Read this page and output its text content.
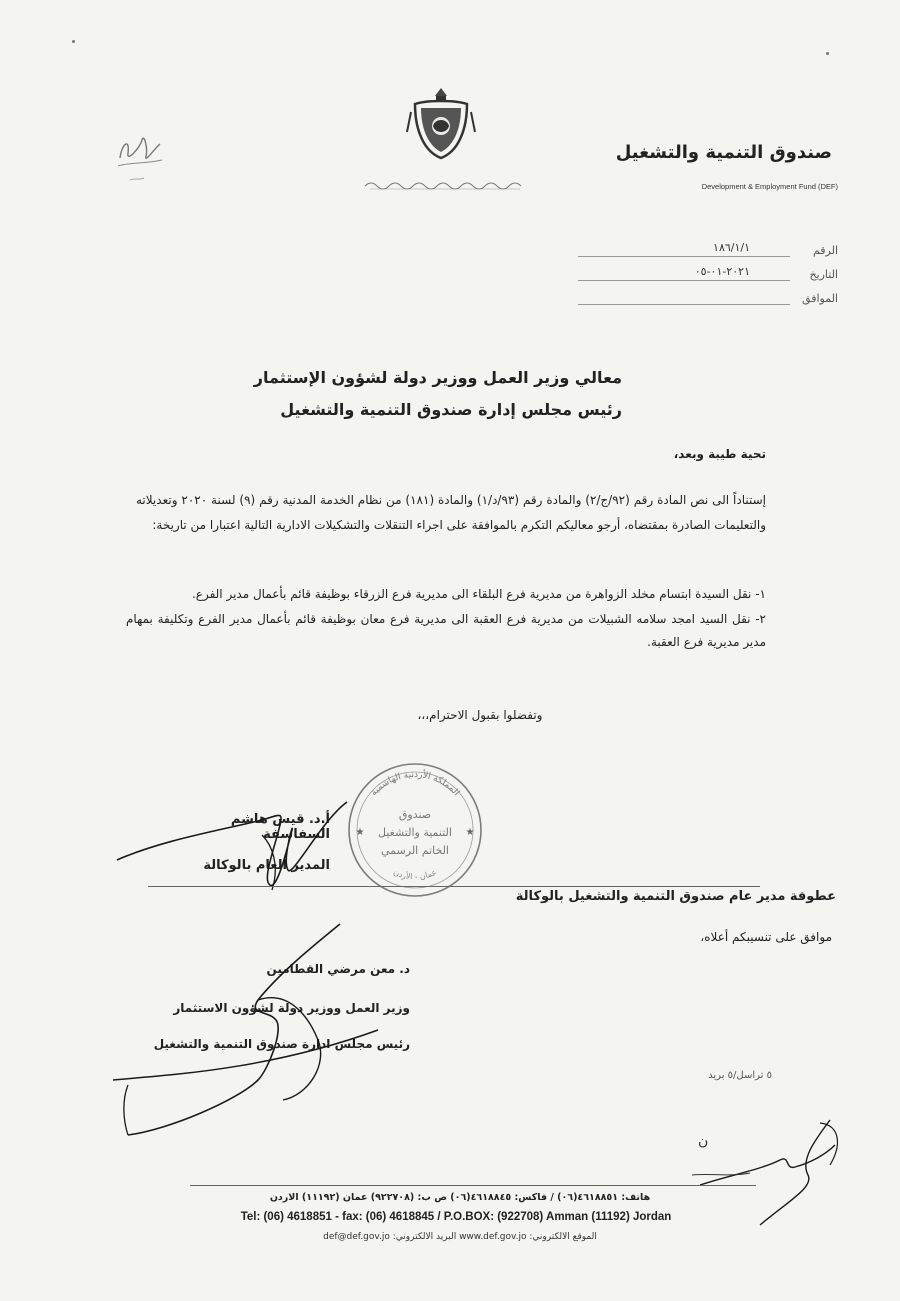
صندوق التنمية والتشغيل
Development & Employment Fund (DEF)
الرقم
١٨٦/١/١
التاريخ
٢٠٢١-٠١-٠٥
الموافق
معالي وزير العمل ووزير دولة لشؤون الإستثمار
رئيس مجلس إدارة صندوق التنمية والتشغيل
تحية طيبة وبعد،
إستناداً الى نص المادة رقم (٩٢/ج/٢) والمادة رقم (٩٣/د/١) والمادة (١٨١) من نظام الخدمة المدنية رقم (٩) لسنة ٢٠٢٠ وتعديلاته والتعليمات الصادرة بمقتضاه، أرجو معاليكم التكرم بالموافقة على اجراء التنقلات والتشكيلات الادارية التالية اعتبارا من تاريخة:
١- نقل السيدة ابتسام مخلد الزواهرة من مديرية فرع البلقاء الى مديرية فرع الزرقاء بوظيفة قائم بأعمال مدير الفرع.
٢- نقل السيد امجد سلامه الشبيلات من مديرية فرع العقبة الى مديرية فرع معان بوظيفة قائم بأعمال مدير الفرع وتكليفة بمهام مدير مديرية فرع العقبة.
وتفضلوا بقبول الاحترام،،،
أ.د. قيس هاشم السفاسفة
المدير العام بالوكالة
المملكة الأردنية الهاشمية
عمان - الأردن
صندوق
التنمية والتشغيل
الخاتم الرسمي
★	★
عطوفة مدير عام صندوق التنمية والتشغيل بالوكالة
موافق على تنسيبكم أعلاه،
د. معن مرضي القطامين
وزير العمل ووزير دولة لشؤون الاستثمار
رئيس مجلس ادارة صندوق التنمية والتشغيل
٥ تراسل/٥ بريد
ن
هاتف: ٤٦١٨٨٥١(٠٦) / فاكس: ٤٦١٨٨٤٥(٠٦) ص ب: (٩٢٢٧٠٨) عمان (١١١٩٢) الاردن
Tel: (06) 4618851 - fax: (06) 4618845 / P.O.BOX: (922708) Amman (11192) Jordan
الموقع الالكتروني: www.def.gov.jo البريد الالكتروني: def@def.gov.jo
